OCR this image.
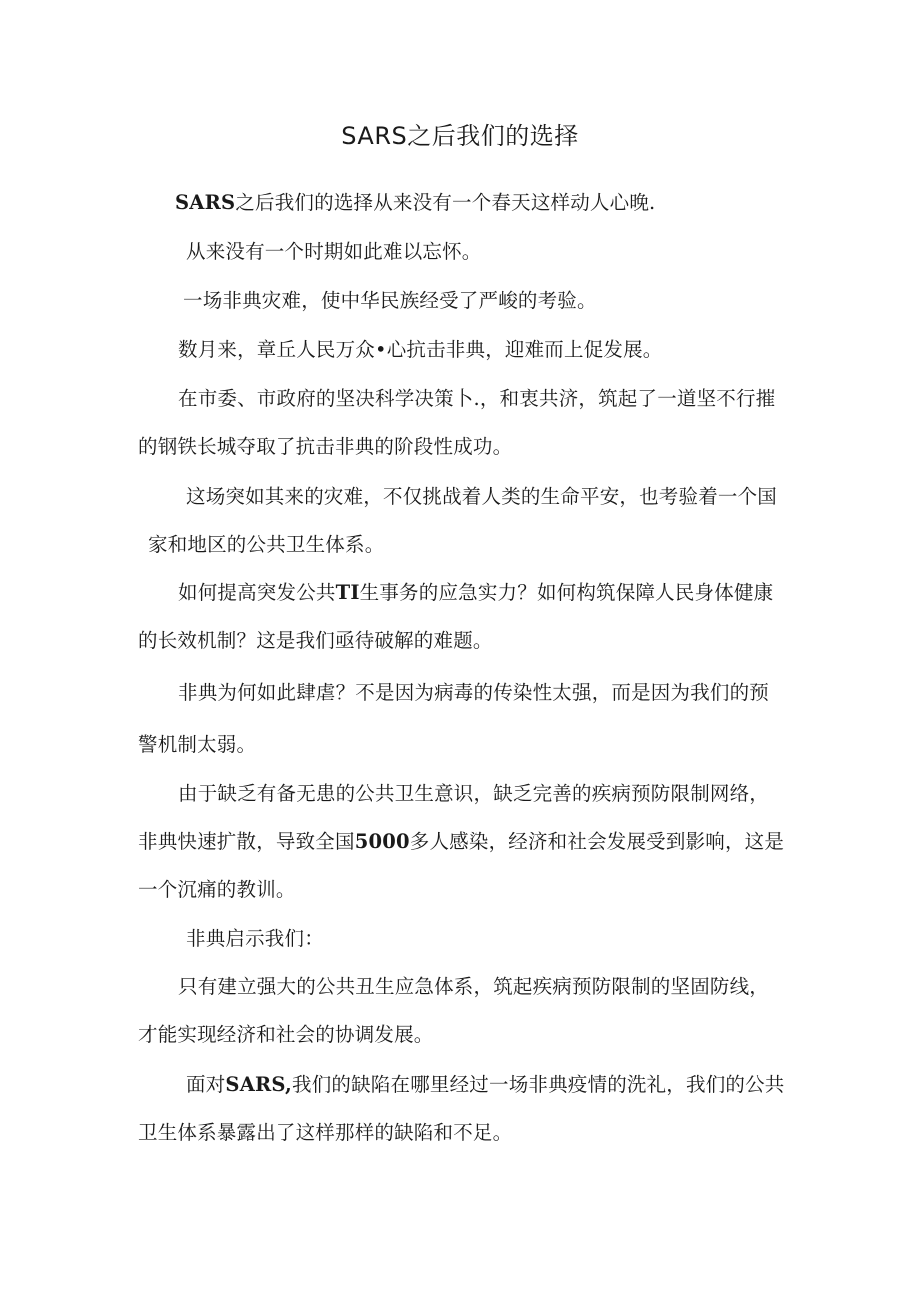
SARS之后我们的选择
SARS之后我们的选择从来没有一个春天这样动人心晚.
从来没有一个时期如此难以忘怀。
一场非典灾难，使中华民族经受了严峻的考验。
数月来，章丘人民万众•心抗击非典，迎难而上促发展。
在市委、市政府的坚决科学决策卜.，和衷共济，筑起了一道坚不行摧
的钢铁长城夺取了抗击非典的阶段性成功。
这场突如其来的灾难，不仅挑战着人类的生命平安，也考验着一个国
家和地区的公共卫生体系。
如何提高突发公共TI生事务的应急实力？如何构筑保障人民身体健康
的长效机制？这是我们亟待破解的难题。
非典为何如此肆虐？不是因为病毒的传染性太强，而是因为我们的预
警机制太弱。
由于缺乏有备无患的公共卫生意识，缺乏完善的疾病预防限制网络，
非典快速扩散，导致全国5000多人感染，经济和社会发展受到影响，这是
一个沉痛的教训。
非典启示我们：
只有建立强大的公共丑生应急体系，筑起疾病预防限制的坚固防线，
才能实现经济和社会的协调发展。
面对SARS,我们的缺陷在哪里经过一场非典疫情的洗礼，我们的公共
卫生体系暴露出了这样那样的缺陷和不足。
